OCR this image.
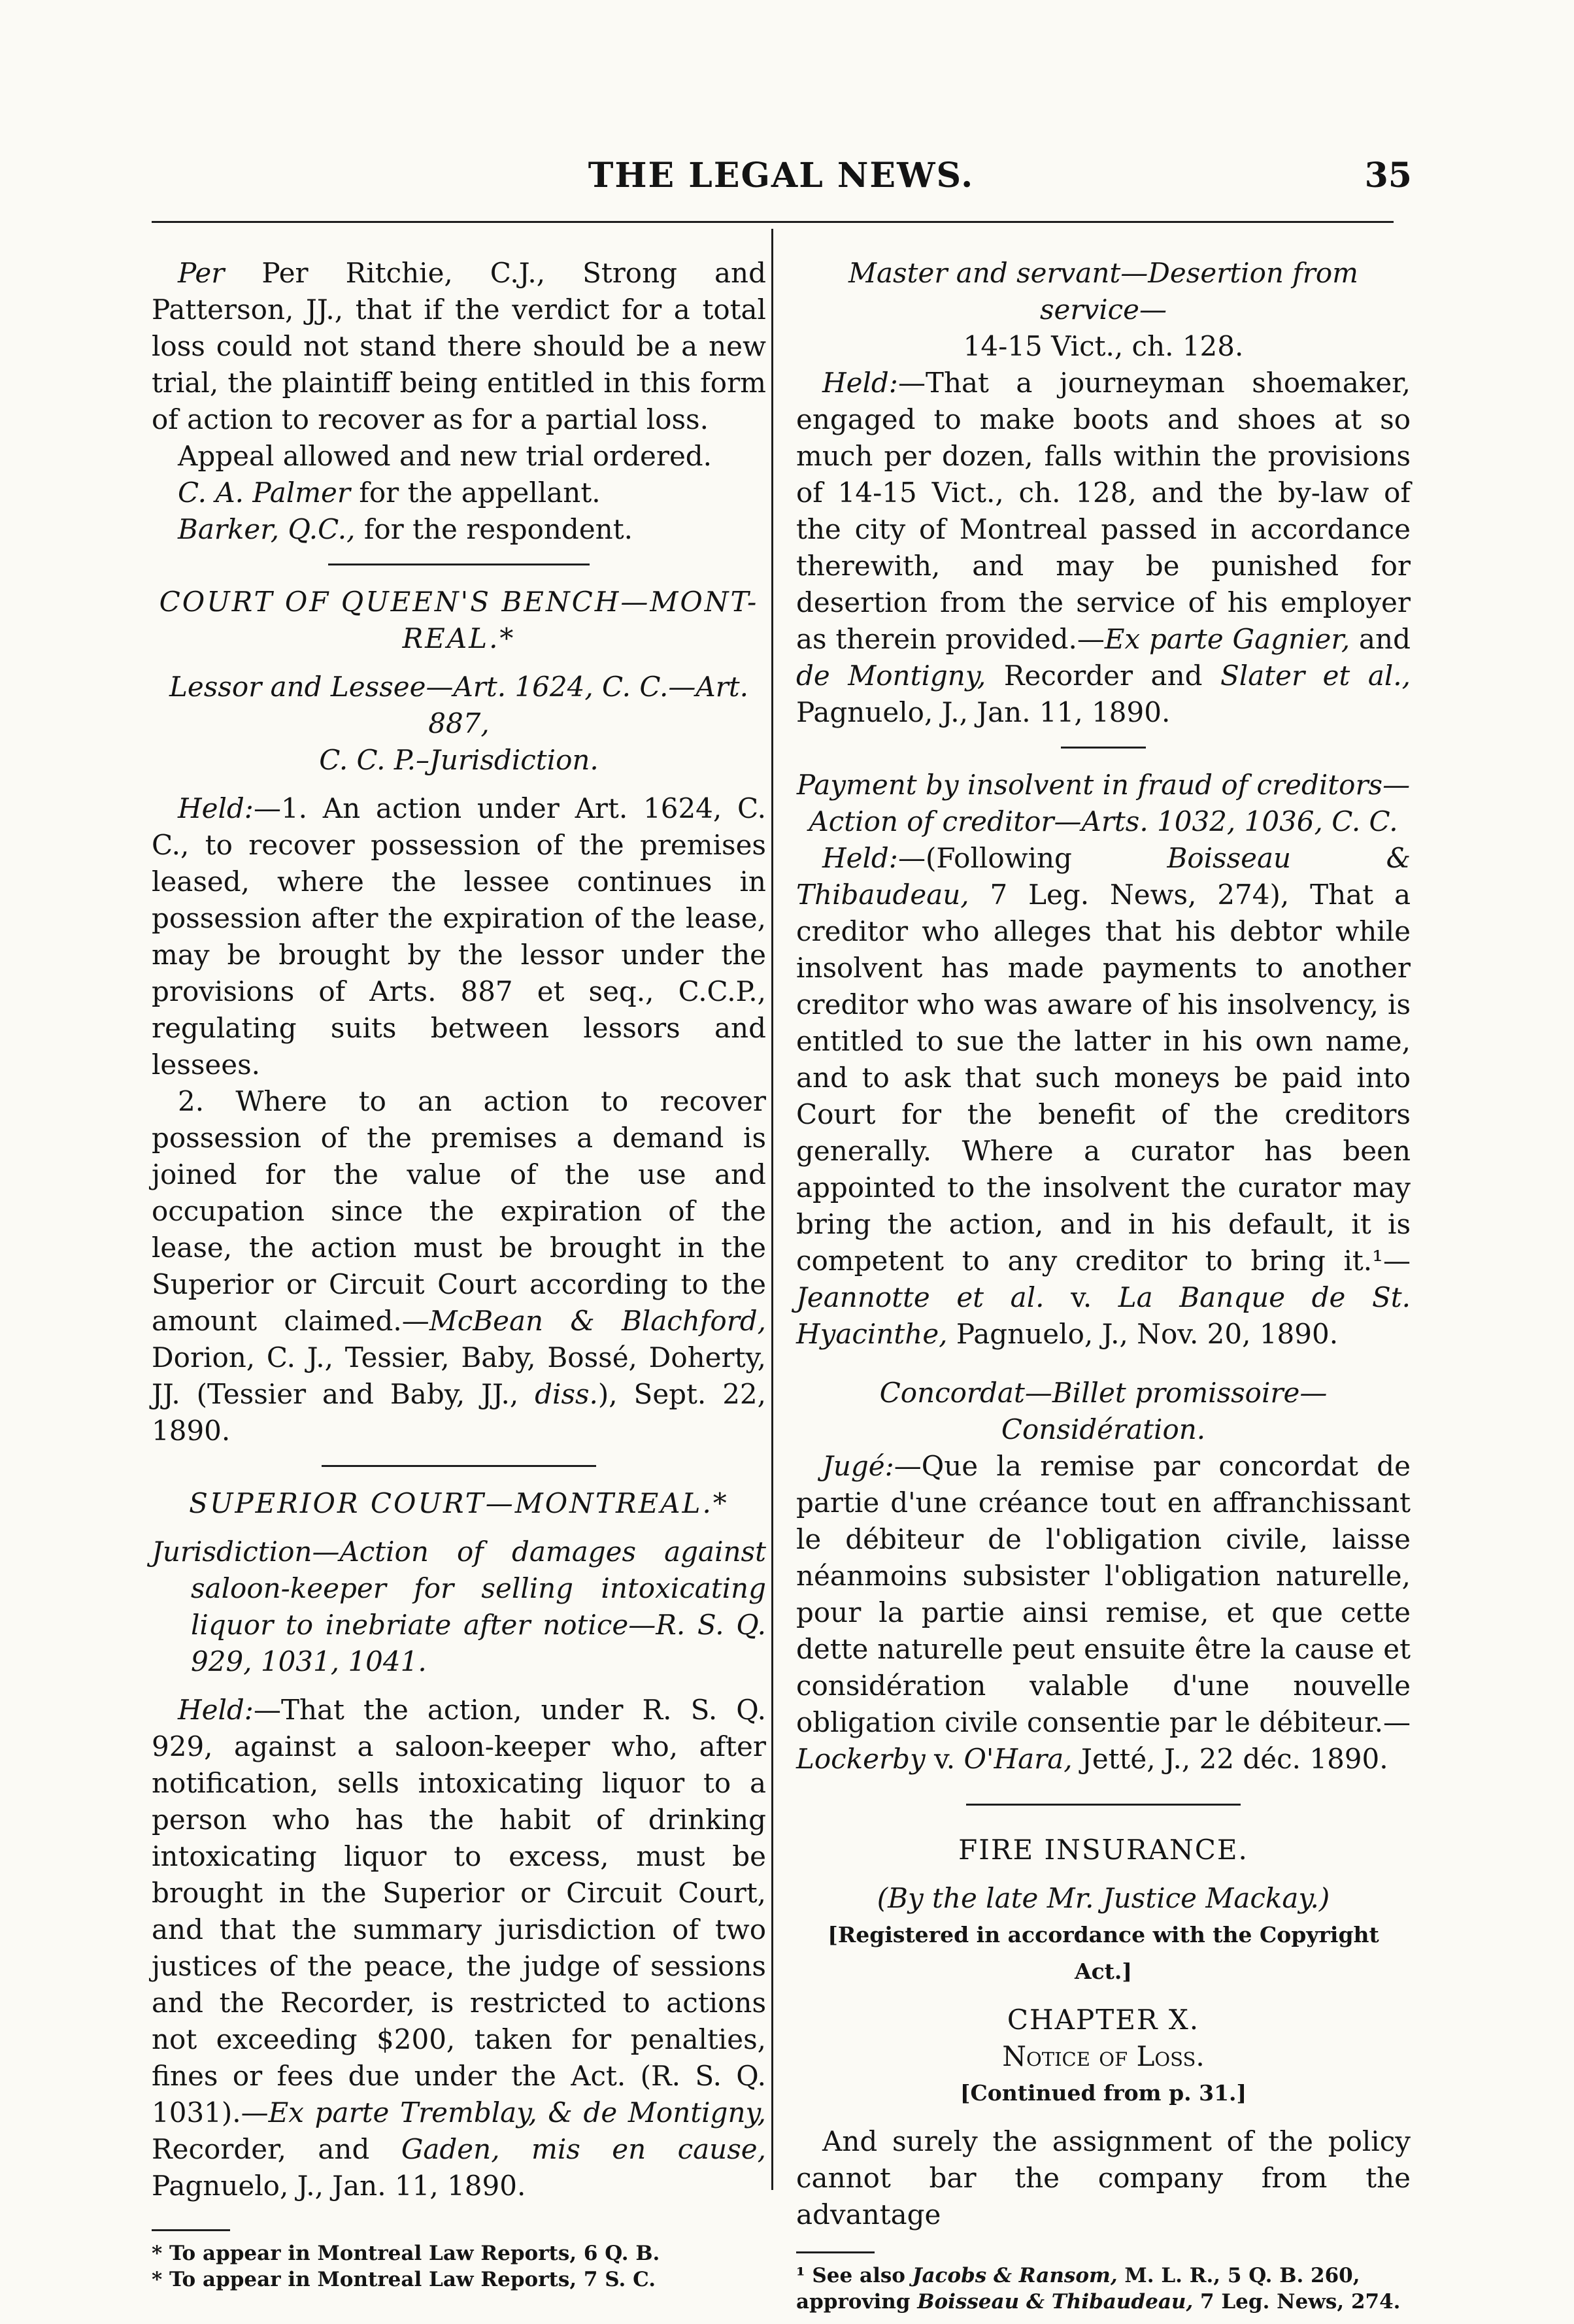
THE LEGAL NEWS.	35

Per Per Ritchie, C.J., Strong and Patterson, JJ., that if the verdict for a total loss could not stand there should be a new trial, the plaintiff being entitled in this form of action to recover as for a partial loss.

Appeal allowed and new trial ordered.

C. A. Palmer for the appellant.

Barker, Q.C., for the respondent.

COURT OF QUEEN'S BENCH—MONT-

REAL.*

Lessor and Lessee—Art. 1624, C. C.—Art. 887,

C. C. P.–Jurisdiction.

Held:—1. An action under Art. 1624, C. C., to recover possession of the premises leased, where the lessee continues in possession after the expiration of the lease, may be brought by the lessor under the provisions of Arts. 887 et seq., C.C.P., regulating suits between lessors and lessees.

2. Where to an action to recover possession of the premises a demand is joined for the value of the use and occupation since the expiration of the lease, the action must be brought in the Superior or Circuit Court according to the amount claimed.—McBean & Blachford, Dorion, C. J., Tessier, Baby, Bossé, Doherty, JJ. (Tessier and Baby, JJ., diss.), Sept. 22, 1890.

SUPERIOR COURT—MONTREAL.*

Jurisdiction—Action of damages against saloon-keeper for selling intoxicating liquor to inebriate after notice—R. S. Q. 929, 1031, 1041.

Held:—That the action, under R. S. Q. 929, against a saloon-keeper who, after notification, sells intoxicating liquor to a person who has the habit of drinking intoxicating liquor to excess, must be brought in the Superior or Circuit Court, and that the summary jurisdiction of two justices of the peace, the judge of sessions and the Recorder, is restricted to actions not exceeding $200, taken for penalties, fines or fees due under the Act. (R. S. Q. 1031).—Ex parte Tremblay, & de Montigny, Recorder, and Gaden, mis en cause, Pagnuelo, J., Jan. 11, 1890.

* To appear in Montreal Law Reports, 6 Q. B.

* To appear in Montreal Law Reports, 7 S. C.

Master and servant—Desertion from service—

14-15 Vict., ch. 128.

Held:—That a journeyman shoemaker, engaged to make boots and shoes at so much per dozen, falls within the provisions of 14-15 Vict., ch. 128, and the by-law of the city of Montreal passed in accordance therewith, and may be punished for desertion from the service of his employer as therein provided.—Ex parte Gagnier, and de Montigny, Recorder and Slater et al., Pagnuelo, J., Jan. 11, 1890.

Payment by insolvent in fraud of creditors—

Action of creditor—Arts. 1032, 1036, C. C.

Held:—(Following Boisseau & Thibaudeau, 7 Leg. News, 274), That a creditor who alleges that his debtor while insolvent has made payments to another creditor who was aware of his insolvency, is entitled to sue the latter in his own name, and to ask that such moneys be paid into Court for the benefit of the creditors generally. Where a curator has been appointed to the insolvent the curator may bring the action, and in his default, it is competent to any creditor to bring it.¹—Jeannotte et al. v. La Banque de St. Hyacinthe, Pagnuelo, J., Nov. 20, 1890.

Concordat—Billet promissoire—Considération.

Jugé:—Que la remise par concordat de partie d'une créance tout en affranchissant le débiteur de l'obligation civile, laisse néanmoins subsister l'obligation naturelle, pour la partie ainsi remise, et que cette dette naturelle peut ensuite être la cause et considération valable d'une nouvelle obligation civile consentie par le débiteur.—Lockerby v. O'Hara, Jetté, J., 22 déc. 1890.

FIRE INSURANCE.

(By the late Mr. Justice Mackay.)

[Registered in accordance with the Copyright Act.]

CHAPTER X.

Notice of Loss.

[Continued from p. 31.]

And surely the assignment of the policy cannot bar the company from the advantage

¹ See also Jacobs & Ransom, M. L. R., 5 Q. B. 260, approving Boisseau & Thibaudeau, 7 Leg. News, 274.
